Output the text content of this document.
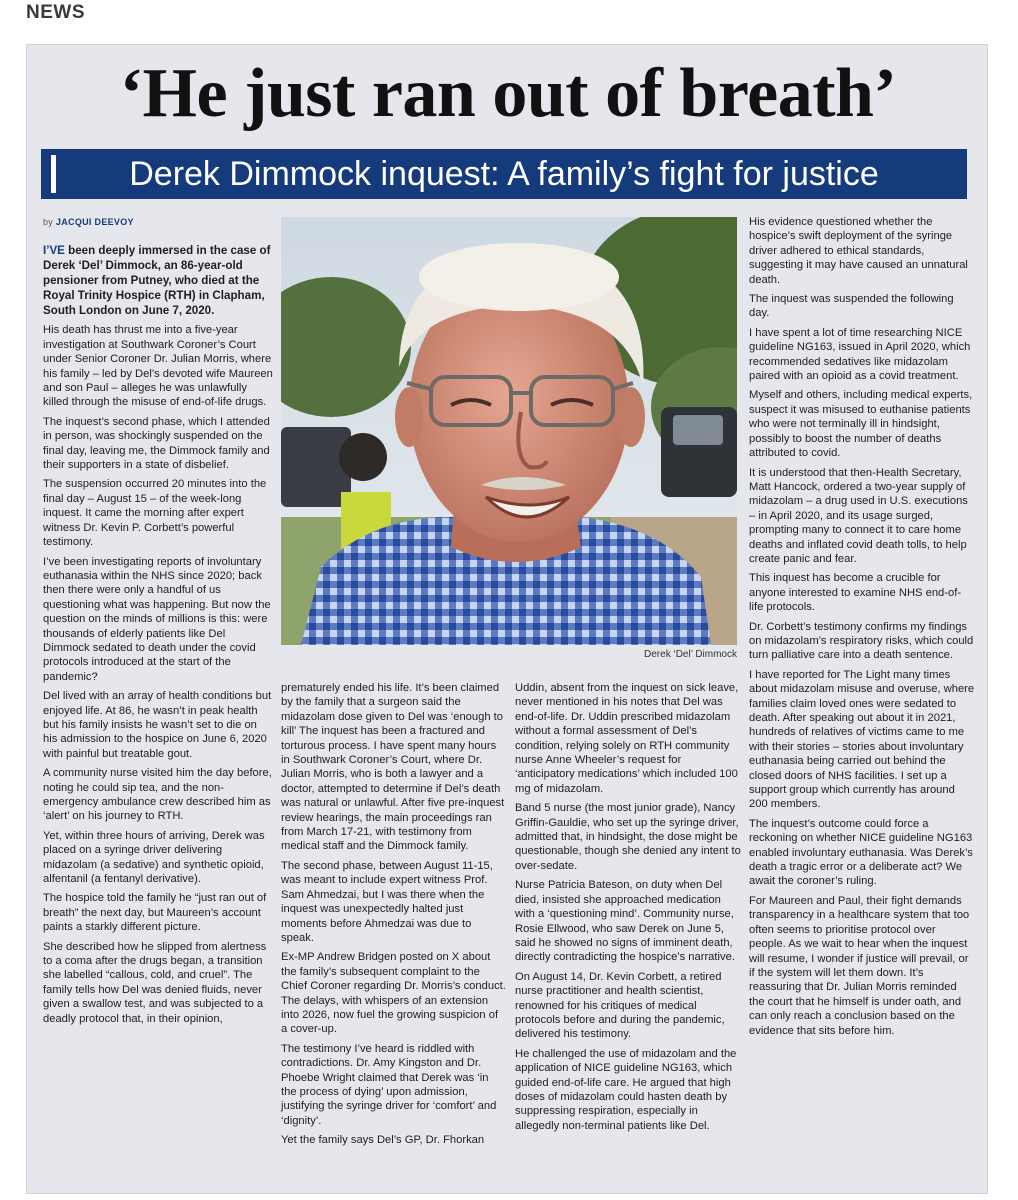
NEWS
‘He just ran out of breath’
Derek Dimmock inquest: A family’s fight for justice

by JACQUI DEEVOY

I’VE been deeply immersed in the case of Derek ‘Del’ Dimmock, an 86-year-old pensioner from Putney, who died at the Royal Trinity Hospice (RTH) in Clapham, South London on June 7, 2020.

His death has thrust me into a five-year investigation at Southwark Coroner’s Court under Senior Coroner Dr. Julian Morris, where his family – led by Del’s devoted wife Maureen and son Paul – alleges he was unlawfully killed through the misuse of end-of-life drugs.

The inquest’s second phase, which I attended in person, was shockingly suspended on the final day, leaving me, the Dimmock family and their supporters in a state of disbelief.

The suspension occurred 20 minutes into the final day – August 15 – of the week-long inquest. It came the morning after expert witness Dr. Kevin P. Corbett’s powerful testimony.

I’ve been investigating reports of involuntary euthanasia within the NHS since 2020; back then there were only a handful of us questioning what was happening. But now the question on the minds of millions is this: were thousands of elderly patients like Del Dimmock sedated to death under the covid protocols introduced at the start of the pandemic?

Del lived with an array of health conditions but enjoyed life. At 86, he wasn’t in peak health but his family insists he wasn’t set to die on his admission to the hospice on June 6, 2020 with painful but treatable gout.

A community nurse visited him the day before, noting he could sip tea, and the non-emergency ambulance crew described him as ‘alert’ on his journey to RTH.

Yet, within three hours of arriving, Derek was placed on a syringe driver delivering midazolam (a sedative) and synthetic opioid, alfentanil (a fentanyl derivative).

The hospice told the family he “just ran out of breath” the next day, but Maureen’s account paints a starkly different picture.

She described how he slipped from alertness to a coma after the drugs began, a transition she labelled “callous, cold, and cruel”. The family tells how Del was denied fluids, never given a swallow test, and was subjected to a deadly protocol that, in their opinion,

Derek ‘Del’ Dimmock

prematurely ended his life. It’s been claimed by the family that a surgeon said the midazolam dose given to Del was ‘enough to kill’ The inquest has been a fractured and torturous process. I have spent many hours in Southwark Coroner’s Court, where Dr. Julian Morris, who is both a lawyer and a doctor, attempted to determine if Del’s death was natural or unlawful. After five pre-inquest review hearings, the main proceedings ran from March 17-21, with testimony from medical staff and the Dimmock family.

The second phase, between August 11-15, was meant to include expert witness Prof. Sam Ahmedzai, but I was there when the inquest was unexpectedly halted just moments before Ahmedzai was due to speak.

Ex-MP Andrew Bridgen posted on X about the family’s subsequent complaint to the Chief Coroner regarding Dr. Morris’s conduct. The delays, with whispers of an extension into 2026, now fuel the growing suspicion of a cover-up.

The testimony I’ve heard is riddled with contradictions. Dr. Amy Kingston and Dr. Phoebe Wright claimed that Derek was ‘in the process of dying’ upon admission, justifying the syringe driver for ‘comfort’ and ‘dignity’.

Yet the family says Del’s GP, Dr. Fhorkan

Uddin, absent from the inquest on sick leave, never mentioned in his notes that Del was end-of-life. Dr. Uddin prescribed midazolam without a formal assessment of Del’s condition, relying solely on RTH community nurse Anne Wheeler’s request for ‘anticipatory medications’ which included 100 mg of midazolam.

Band 5 nurse (the most junior grade), Nancy Griffin-Gauldie, who set up the syringe driver, admitted that, in hindsight, the dose might be questionable, though she denied any intent to over-sedate.

Nurse Patricia Bateson, on duty when Del died, insisted she approached medication with a ‘questioning mind’. Community nurse, Rosie Ellwood, who saw Derek on June 5, said he showed no signs of imminent death, directly contradicting the hospice’s narrative.

On August 14, Dr. Kevin Corbett, a retired nurse practitioner and health scientist, renowned for his critiques of medical protocols before and during the pandemic, delivered his testimony.

He challenged the use of midazolam and the application of NICE guideline NG163, which guided end-of-life care. He argued that high doses of midazolam could hasten death by suppressing respiration, especially in allegedly non-terminal patients like Del.

His evidence questioned whether the hospice’s swift deployment of the syringe driver adhered to ethical standards, suggesting it may have caused an unnatural death.

The inquest was suspended the following day.

I have spent a lot of time researching NICE guideline NG163, issued in April 2020, which recommended sedatives like midazolam paired with an opioid as a covid treatment.

Myself and others, including medical experts, suspect it was misused to euthanise patients who were not terminally ill in hindsight, possibly to boost the number of deaths attributed to covid.

It is understood that then-Health Secretary, Matt Hancock, ordered a two-year supply of midazolam – a drug used in U.S. executions – in April 2020, and its usage surged, prompting many to connect it to care home deaths and inflated covid death tolls, to help create panic and fear.

This inquest has become a crucible for anyone interested to examine NHS end-of-life protocols.

Dr. Corbett’s testimony confirms my findings on midazolam’s respiratory risks, which could turn palliative care into a death sentence.

I have reported for The Light many times about midazolam misuse and overuse, where families claim loved ones were sedated to death. After speaking out about it in 2021, hundreds of relatives of victims came to me with their stories – stories about involuntary euthanasia being carried out behind the closed doors of NHS facilities. I set up a support group which currently has around 200 members.

The inquest’s outcome could force a reckoning on whether NICE guideline NG163 enabled involuntary euthanasia. Was Derek’s death a tragic error or a deliberate act? We await the coroner’s ruling.

For Maureen and Paul, their fight demands transparency in a healthcare system that too often seems to prioritise protocol over people. As we wait to hear when the inquest will resume, I wonder if justice will prevail, or if the system will let them down. It’s reassuring that Dr. Julian Morris reminded the court that he himself is under oath, and can only reach a conclusion based on the evidence that sits before him.
